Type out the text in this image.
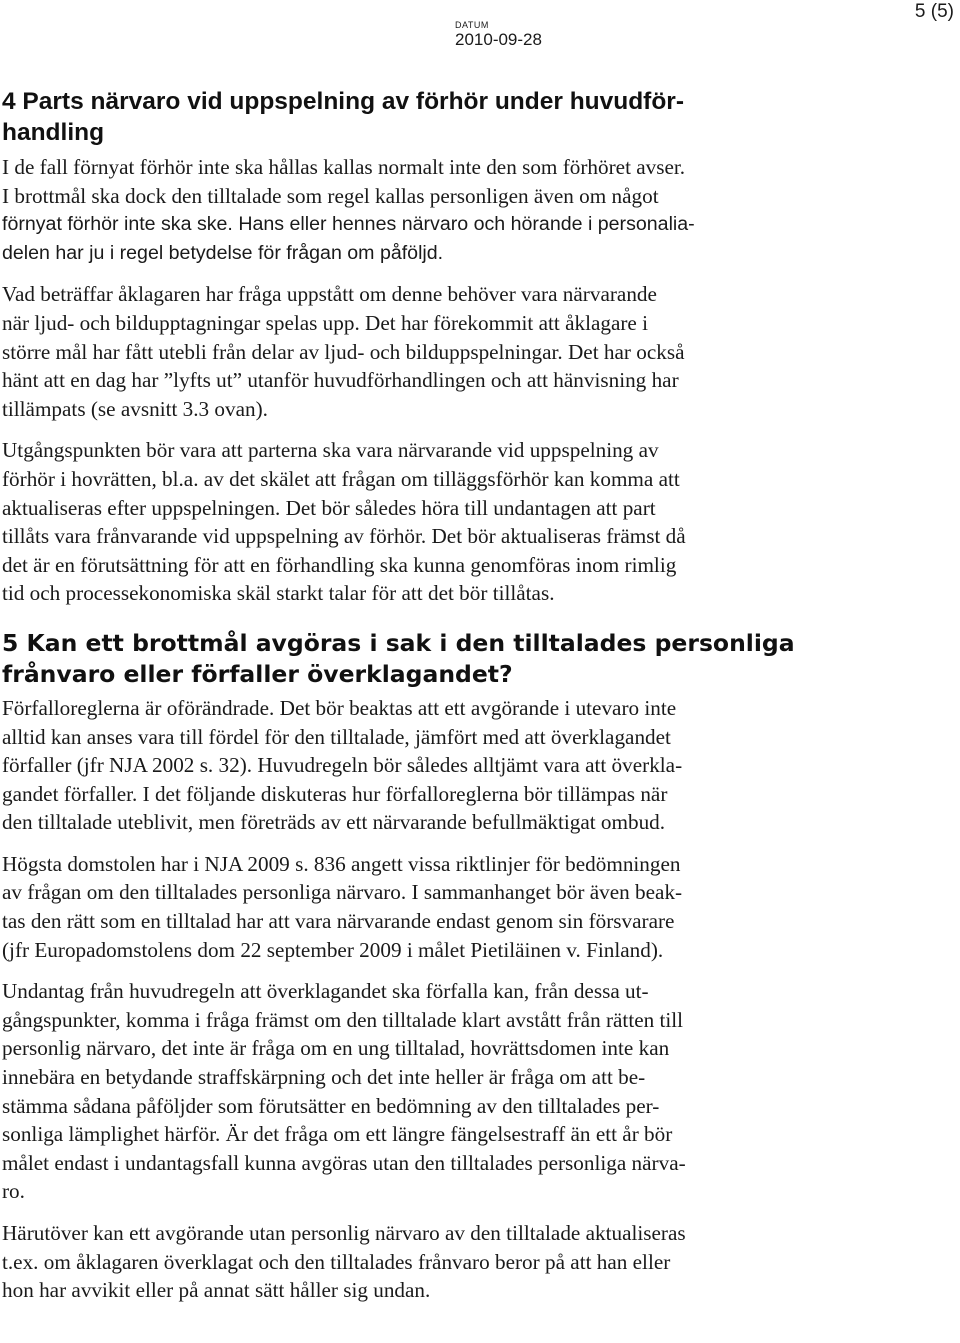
5 (5)
DATUM
2010-09-28
4 Parts närvaro vid uppspelning av förhör under huvudför-
handling

I de fall förnyat förhör inte ska hållas kallas normalt inte den som förhöret avser.
I brottmål ska dock den tilltalade som regel kallas personligen även om något
förnyat förhör inte ska ske. Hans eller hennes närvaro och hörande i personalia-
delen har ju i regel betydelse för frågan om påföljd.

Vad beträffar åklagaren har fråga uppstått om denne behöver vara närvarande
när ljud- och bildupptagningar spelas upp. Det har förekommit att åklagare i
större mål har fått utebli från delar av ljud- och bilduppspelningar. Det har också
hänt att en dag har ”lyfts ut” utanför huvudförhandlingen och att hänvisning har
tillämpats (se avsnitt 3.3 ovan).

Utgångspunkten bör vara att parterna ska vara närvarande vid uppspelning av
förhör i hovrätten, bl.a. av det skälet att frågan om tilläggsförhör kan komma att
aktualiseras efter uppspelningen. Det bör således höra till undantagen att part
tillåts vara frånvarande vid uppspelning av förhör. Det bör aktualiseras främst då
det är en förutsättning för att en förhandling ska kunna genomföras inom rimlig
tid och processekonomiska skäl starkt talar för att det bör tillåtas.

5 Kan ett brottmål avgöras i sak i den tilltalades personliga
frånvaro eller förfaller överklagandet?

Förfalloreglerna är oförändrade. Det bör beaktas att ett avgörande i utevaro inte
alltid kan anses vara till fördel för den tilltalade, jämfört med att överklagandet
förfaller (jfr NJA 2002 s. 32). Huvudregeln bör således alltjämt vara att överkla-
gandet förfaller. I det följande diskuteras hur förfalloreglerna bör tillämpas när
den tilltalade uteblivit, men företräds av ett närvarande befullmäktigat ombud.

Högsta domstolen har i NJA 2009 s. 836 angett vissa riktlinjer för bedömningen
av frågan om den tilltalades personliga närvaro. I sammanhanget bör även beak-
tas den rätt som en tilltalad har att vara närvarande endast genom sin försvarare
(jfr Europadomstolens dom 22 september 2009 i målet Pietiläinen v. Finland).

Undantag från huvudregeln att överklagandet ska förfalla kan, från dessa ut-
gångspunkter, komma i fråga främst om den tilltalade klart avstått från rätten till
personlig närvaro, det inte är fråga om en ung tilltalad, hovrättsdomen inte kan
innebära en betydande straffskärpning och det inte heller är fråga om att be-
stämma sådana påföljder som förutsätter en bedömning av den tilltalades per-
sonliga lämplighet härför. Är det fråga om ett längre fängelsestraff än ett år bör
målet endast i undantagsfall kunna avgöras utan den tilltalades personliga närva-
ro.

Härutöver kan ett avgörande utan personlig närvaro av den tilltalade aktualiseras
t.ex. om åklagaren överklagat och den tilltalades frånvaro beror på att han eller
hon har avvikit eller på annat sätt håller sig undan.
